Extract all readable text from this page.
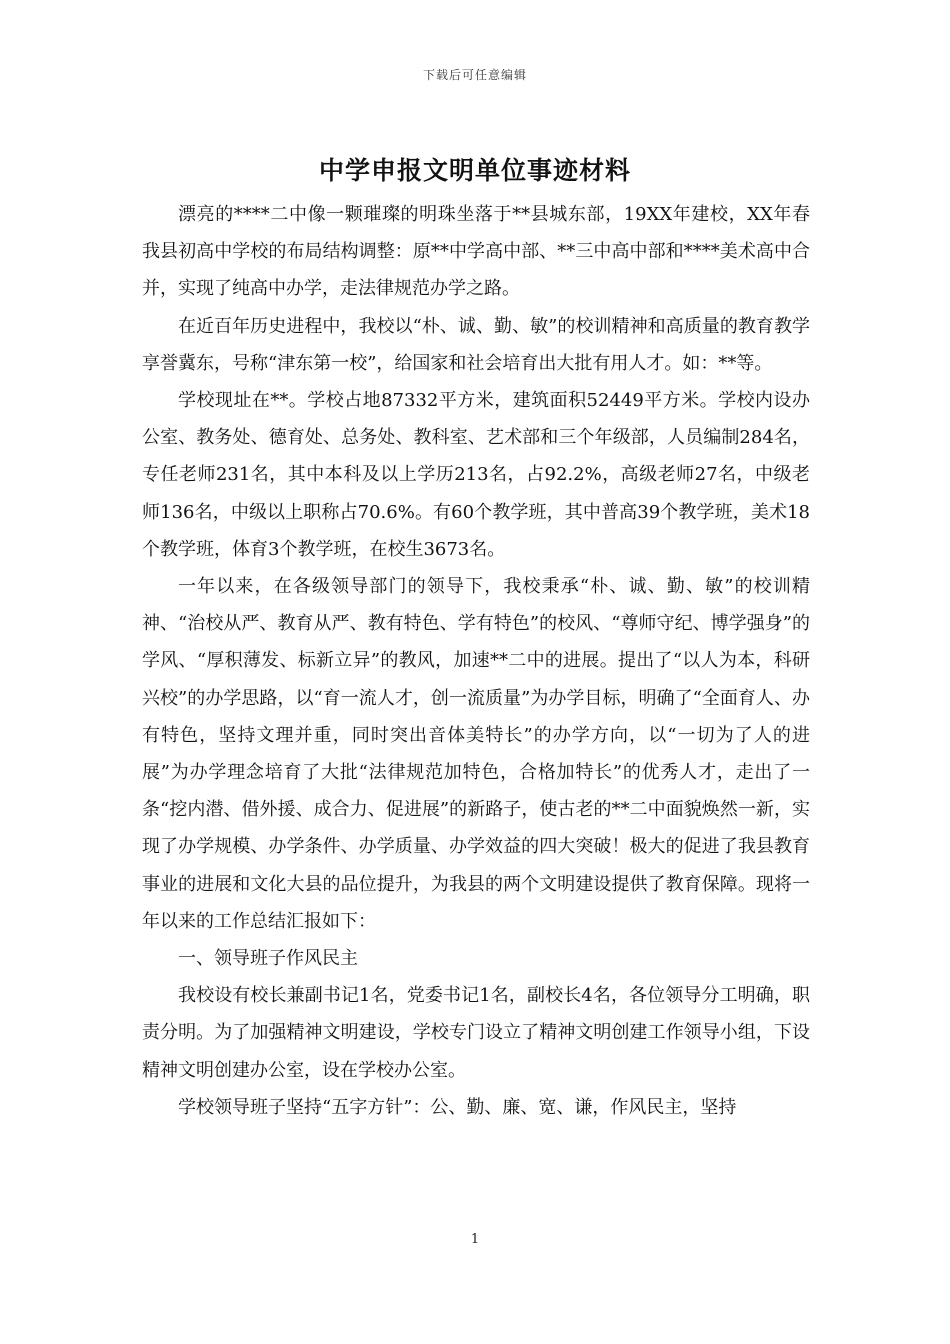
下载后可任意编辑
中学申报文明单位事迹材料

漂亮的****二中像一颗璀璨的明珠坐落于**县城东部，19XX年建校，XX年春我县初高中学校的布局结构调整：原**中学高中部、**三中高中部和****美术高中合并，实现了纯高中办学，走法律规范办学之路。

在近百年历史进程中，我校以“朴、诚、勤、敏”的校训精神和高质量的教育教学享誉冀东，号称“津东第一校”，给国家和社会培育出大批有用人才。如：**等。

学校现址在**。学校占地87332平方米，建筑面积52449平方米。学校内设办公室、教务处、德育处、总务处、教科室、艺术部和三个年级部，人员编制284名，专任老师231名，其中本科及以上学历213名，占92.2%，高级老师27名，中级老师136名，中级以上职称占70.6%。有60个教学班，其中普高39个教学班，美术18个教学班，体育3个教学班，在校生3673名。

一年以来，在各级领导部门的领导下，我校秉承“朴、诚、勤、敏”的校训精神、“治校从严、教育从严、教有特色、学有特色”的校风、“尊师守纪、博学强身”的学风、“厚积薄发、标新立异”的教风，加速**二中的进展。提出了“以人为本，科研兴校”的办学思路，以“育一流人才，创一流质量”为办学目标，明确了“全面育人、办有特色，坚持文理并重，同时突出音体美特长”的办学方向，以“一切为了人的进展”为办学理念培育了大批“法律规范加特色，合格加特长”的优秀人才，走出了一条“挖内潜、借外援、成合力、促进展”的新路子，使古老的**二中面貌焕然一新，实现了办学规模、办学条件、办学质量、办学效益的四大突破！极大的促进了我县教育事业的进展和文化大县的品位提升，为我县的两个文明建设提供了教育保障。现将一年以来的工作总结汇报如下：

一、领导班子作风民主

我校设有校长兼副书记1名，党委书记1名，副校长4名，各位领导分工明确，职责分明。为了加强精神文明建设，学校专门设立了精神文明创建工作领导小组，下设精神文明创建办公室，设在学校办公室。

学校领导班子坚持“五字方针”：公、勤、廉、宽、谦，作风民主，坚持

1
